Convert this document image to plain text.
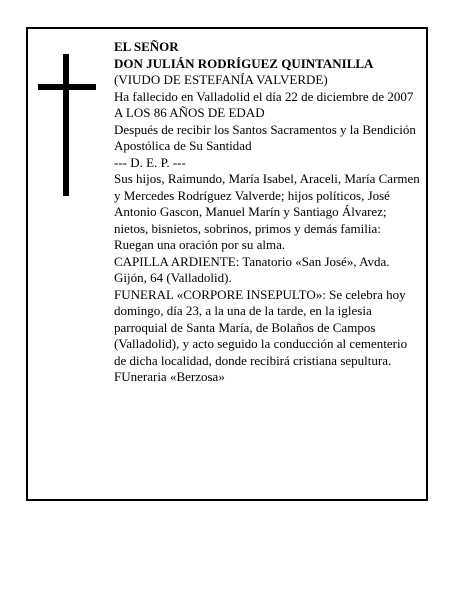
EL SEÑOR

DON JULIÁN RODRÍGUEZ QUINTANILLA

(VIUDO DE ESTEFANÍA VALVERDE)

Ha fallecido en Valladolid el día 22 de diciembre de 2007

A LOS 86 AÑOS DE EDAD

Después de recibir los Santos Sacramentos y la Bendición Apostólica de Su Santidad

--- D. E. P. ---

Sus hijos, Raimundo, María Isabel, Araceli, María Carmen y Mercedes Rodríguez Valverde; hijos políticos, José Antonio Gascon, Manuel Marín y Santiago Álvarez; nietos, bisnietos, sobrinos, primos y demás familia:

Ruegan una oración por su alma.

CAPILLA ARDIENTE: Tanatorio «San José», Avda. Gijón, 64 (Valladolid).

FUNERAL «CORPORE INSEPULTO»: Se celebra hoy domingo, día 23, a la una de la tarde, en la iglesia parroquial de Santa María, de Bolaños de Campos (Valladolid), y acto seguido la conducción al cementerio de dicha localidad, donde recibirá cristiana sepultura.

FUneraria «Berzosa»
